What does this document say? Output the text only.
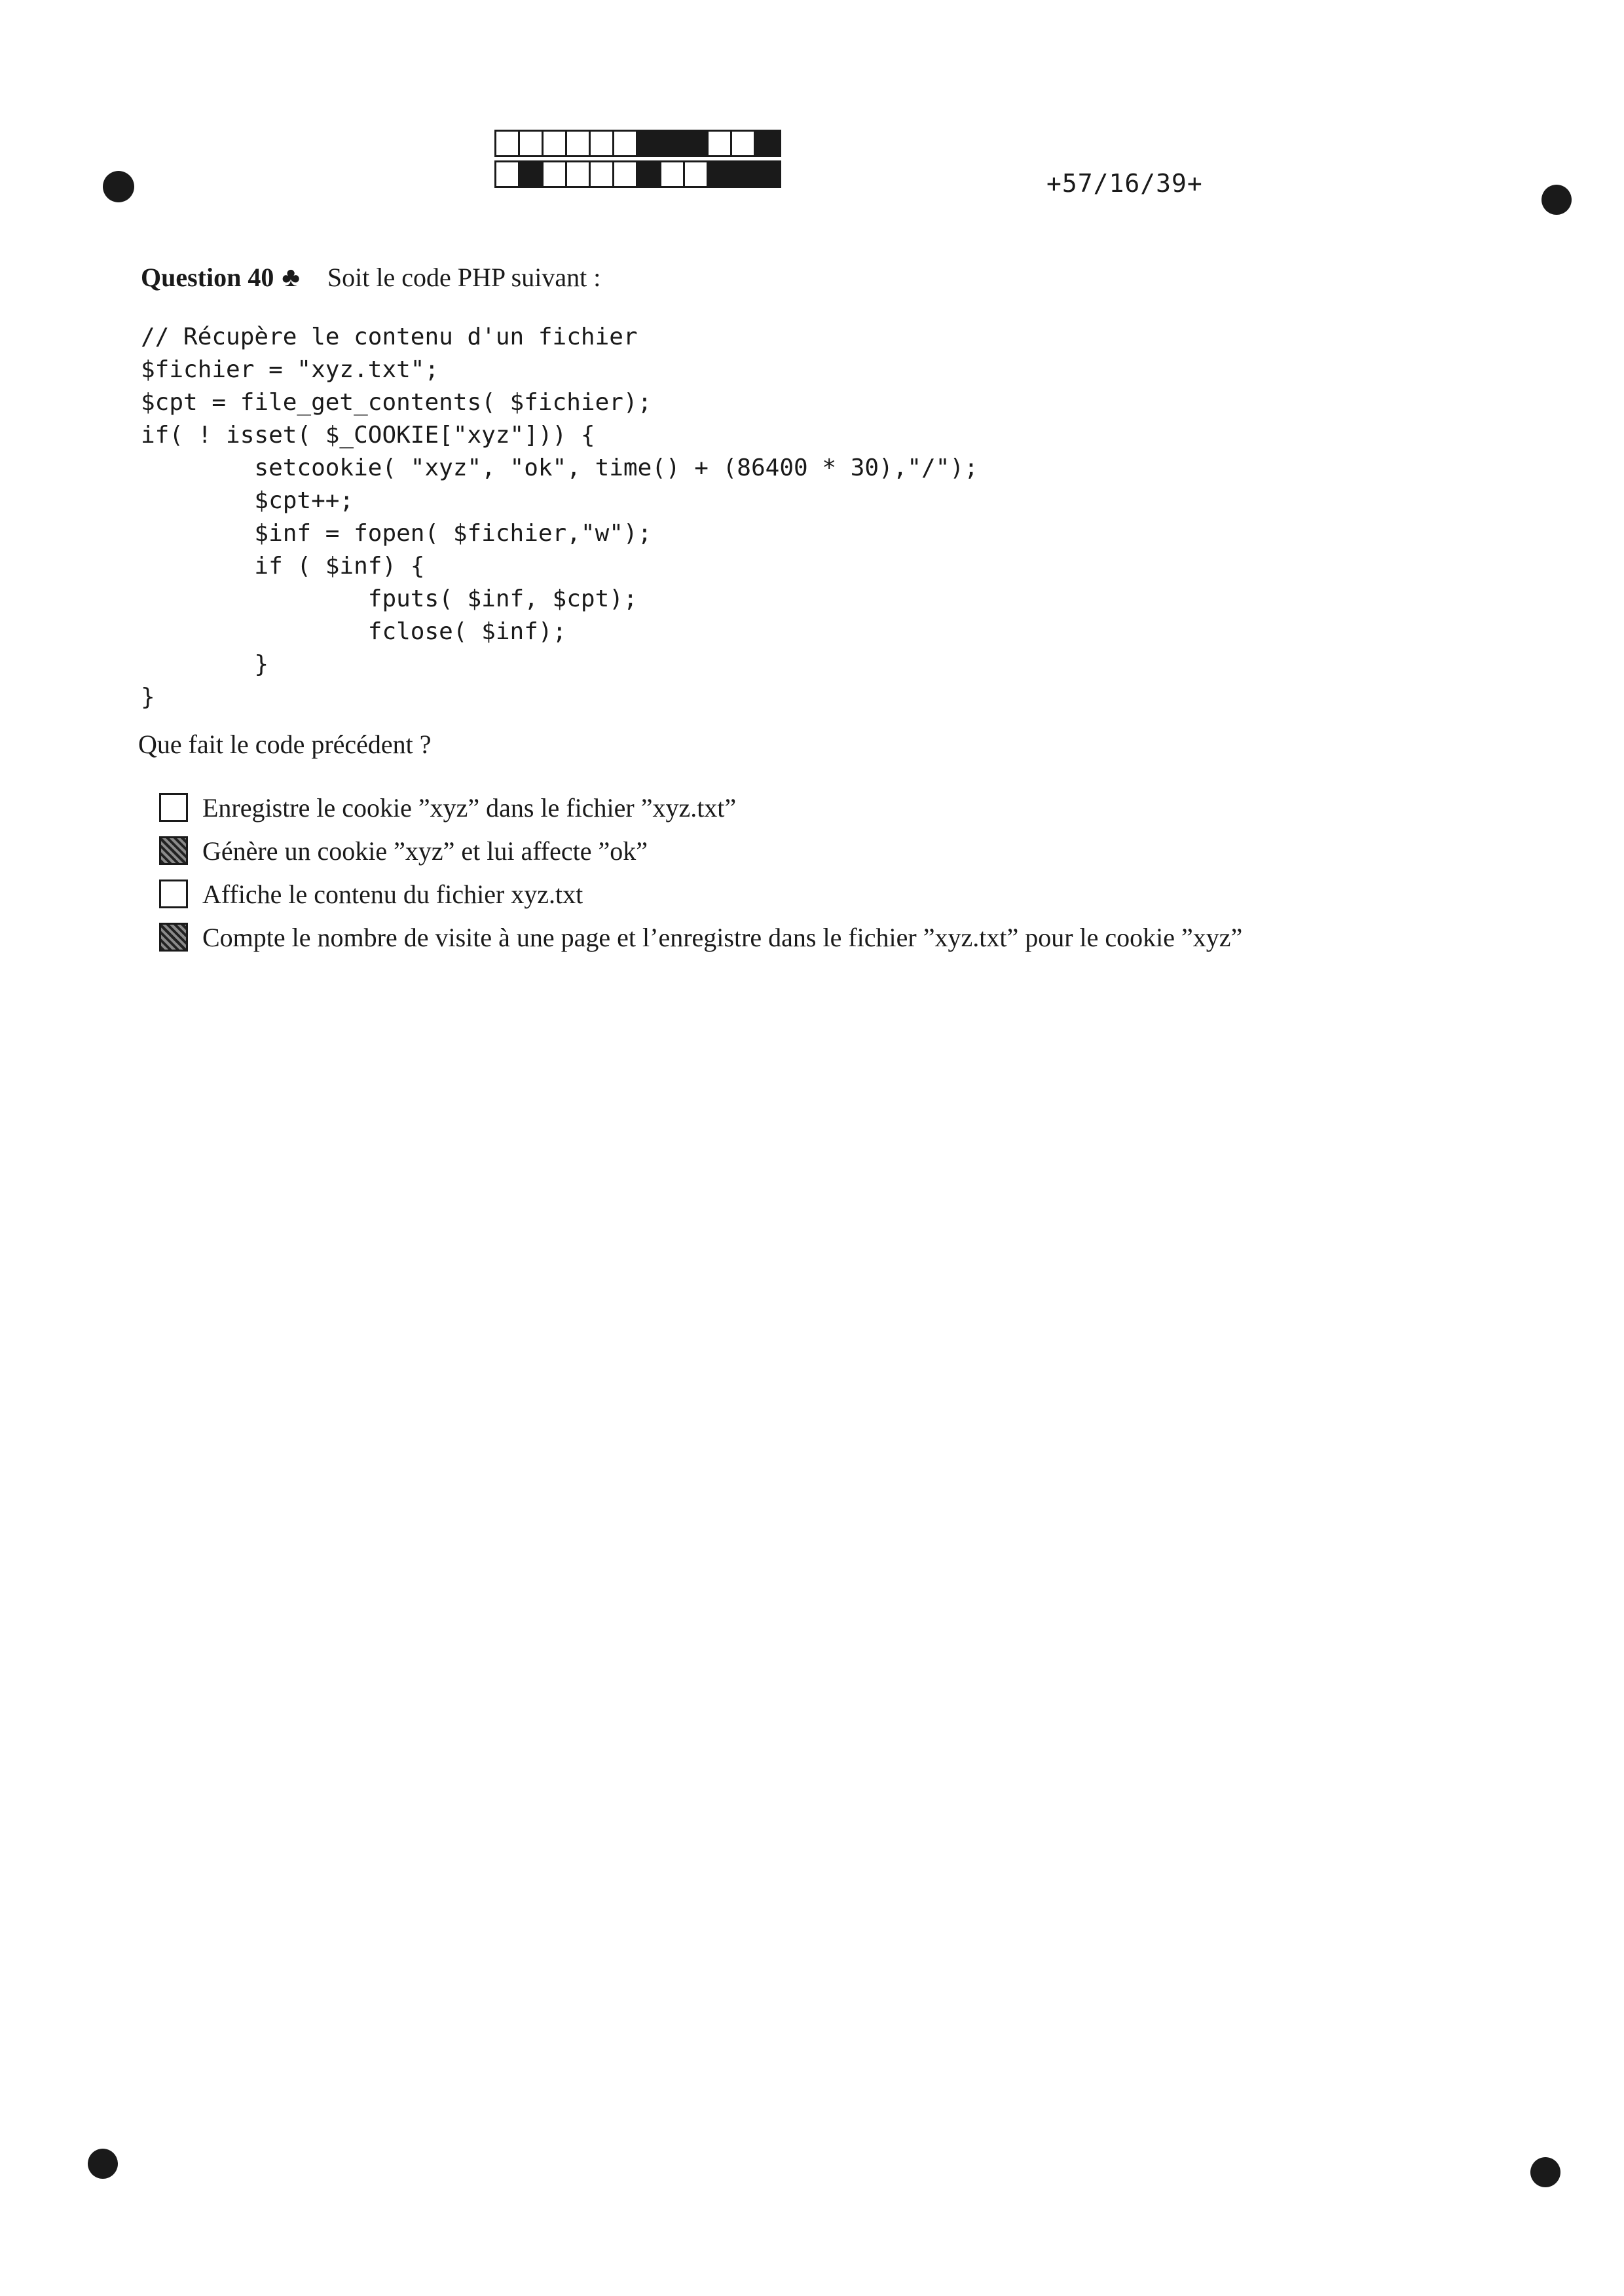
+57/16/39+
Question 40 ♣ Soit le code PHP suivant :
// Récupère le contenu d'un fichier
$fichier = "xyz.txt";
$cpt = file_get_contents( $fichier);
if( ! isset( $_COOKIE["xyz"])) {
setcookie( "xyz", "ok", time() + (86400 * 30),"/");
$cpt++;
$inf = fopen( $fichier,"w");
if ( $inf) {
fputs( $inf, $cpt);
fclose( $inf);
}
}
Que fait le code précédent ?
Enregistre le cookie ”xyz” dans le fichier ”xyz.txt”
Génère un cookie ”xyz” et lui affecte ”ok”
Affiche le contenu du fichier xyz.txt
Compte le nombre de visite à une page et l’enregistre dans le fichier ”xyz.txt” pour le cookie ”xyz”
